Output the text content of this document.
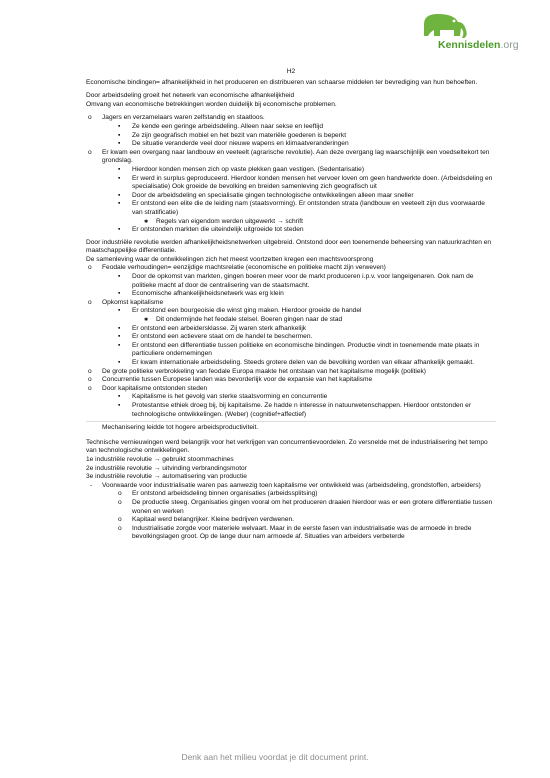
Kennisdelen.org
H2

Economische bindingen= afhankelijkheid in het produceren en distribueren van schaarse middelen ter bevrediging van hun behoeften.

Door arbeidsdeling groeit het netwerk van economische afhankelijkheid
Omvang van economische betrekkingen worden duidelijk bij economische problemen.

o Jagers en verzamelaars waren zelfstandig en staatloos.
▪ Ze kende een geringe arbeidsdeling. Alleen naar sekse en leeftijd
▪ Ze zijn geografisch mobiel en het bezit van materiële goederen is beperkt
▪ De situatie veranderde veel door nieuwe wapens en klimaatveranderingen
o Er kwam een overgang naar landbouw en veeteelt (agrarische revolutie). Aan deze overgang lag waarschijnlijk een voedseltekort ten grondslag.
▪ Hierdoor konden mensen zich op vaste plekken gaan vestigen. (Sedentarisatie)
▪ Er werd in surplus geproduceerd. Hierdoor konden mensen het vervoer loven om geen handwerkte doen. (Arbeidsdeling en specialisatie) Ook groeide de bevolking en breiden samenleving zich geografisch uit
▪ Door de arbeidsdeling en specialisatie gingen technologische ontwikkelingen alleen maar sneller
▪ Er ontstond een elite die de leiding nam (staatsvorming). Er ontstonden strata (landbouw en veeteelt zijn dus voorwaarde van stratificatie)
✱ Regels van eigendom werden uitgewerkt → schrift
▪ Er ontstonden markten die uiteindelijk uitgroeide tot steden

Door industriële revolutie werden afhankelijkheidsnetwerken uitgebreid. Ontstond door een toenemende beheersing van natuurkrachten en maatschappelijke differentiatie.
De samenleving waar de ontwikkelingen zich het meest voortzetten kregen een machtsvoorsprong

o Feodale verhoudingen= eenzijdige machtsrelatie (economische en politieke macht zijn verweven)
▪ Door de opkomst van markten, gingen boeren meer voor de markt produceren i.p.v. voor langeigenaren. Ook nam de politieke macht af door de centralisering van de staatsmacht.
▪ Economische afhankelijkheidsnetwerk was erg klein
o Opkomst kapitalisme
▪ Er ontstond een bourgeoisie die winst ging maken. Hierdoor groeide de handel
✱ Dit ondermijnde het feodale stelsel. Boeren gingen naar de stad
▪ Er ontstond een arbeidersklasse. Zij waren sterk afhankelijk
▪ Er ontstond een actievere staat om de handel te beschermen.
▪ Er ontstond een differentiatie tussen politieke en economische bindingen. Productie vindt in toenemende mate plaats in particuliere ondernemingen
▪ Er kwam internationale arbeidsdeling. Steeds grotere delen van de bevolking worden van elkaar afhankelijk gemaakt.
o De grote politieke verbrokkeling van feodale Europa maakte het ontstaan van het kapitalisme mogelijk (politiek)
o Concurrentie tussen Europese landen was bevorderlijk voor de expansie van het kapitalisme
o Door kapitalisme ontstonden steden
▪ Kapitalisme is het gevolg van sterke staatsvorming en concurrentie
▪ Protestantse ethiek droeg bij, bij kapitalisme. Ze hadde n interesse in natuurwetenschappen. Hierdoor ontstonden er technologische ontwikkelingen. (Weber) (cognitief+affectief)
Mechanisering leidde tot hogere arbeidsproductiviteit.

Technische vernieuwingen werd belangrijk voor het verkrijgen van concurrentievoordelen. Zo versnelde met de industrialisering het tempo van technologische ontwikkelingen.

1e industriële revolutie → gebruikt stoommachines
2e industriële revolutie → uitvinding verbrandingsmotor
3e industriële revolutie → automatisering van productie
- Voorwaarde voor industrialisatie waren pas aanwezig toen kapitalisme ver ontwikkeld was (arbeidsdeling, grondstoffen, arbeiders)
o Er ontstond arbeidsdeling binnen organisaties (arbeidssplitsing)
o De productie steeg. Organisaties gingen vooral om het produceren draaien hierdoor was er een grotere differentiatie tussen wonen en werken
o Kapitaal werd belangrijker. Kleine bedrijven verdwenen.
o Industrialisatie zorgde voor materiele welvaart. Maar in de eerste fasen van industrialisatie was de armoede in brede bevolkingslagen groot. Op de lange duur nam armoede af. Situaties van arbeiders verbeterde
Denk aan het milieu voordat je dit document print.
